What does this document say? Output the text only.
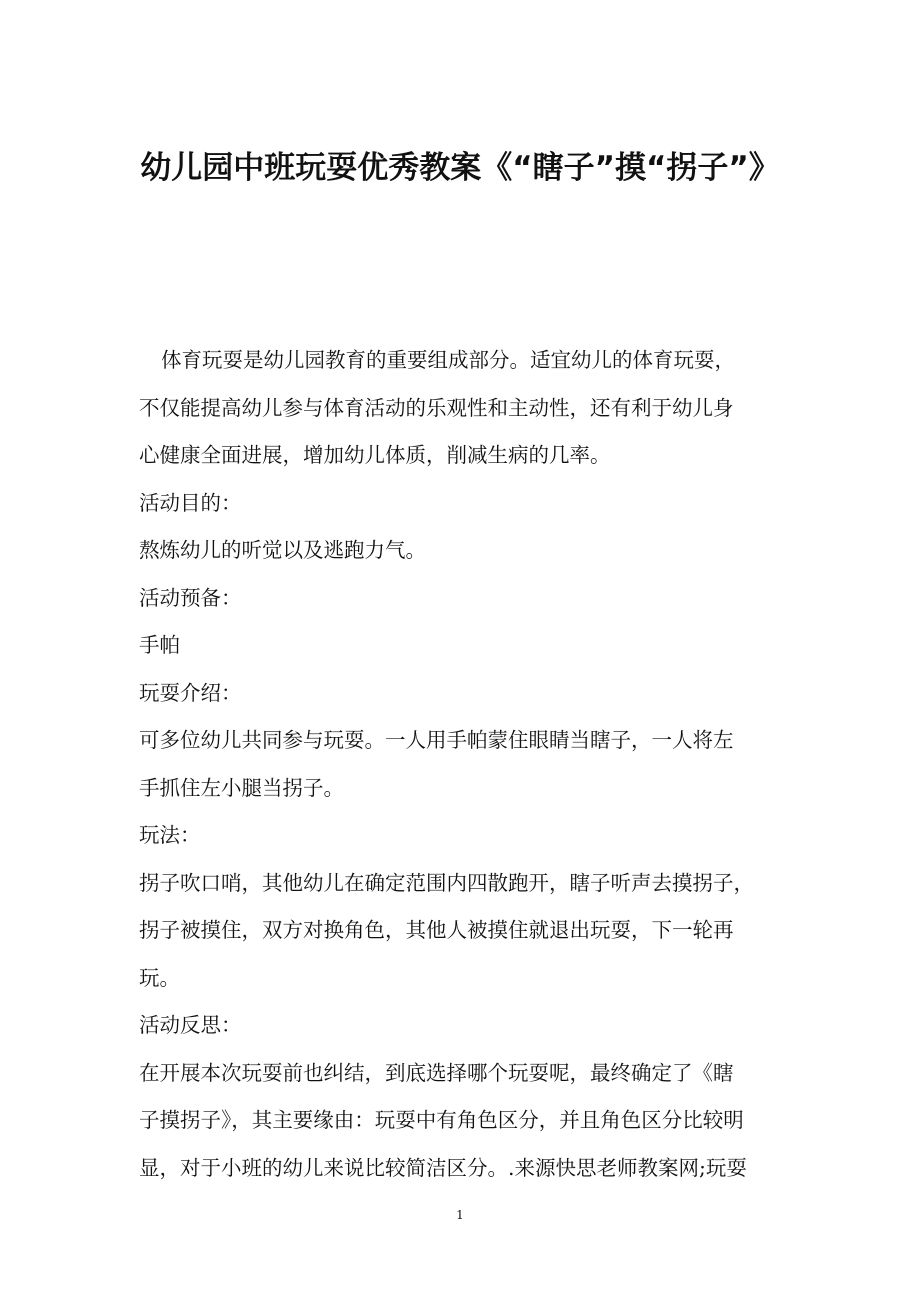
幼儿园中班玩耍优秀教案《“瞎子”摸“拐子”》

体育玩耍是幼儿园教育的重要组成部分。适宜幼儿的体育玩耍，

不仅能提高幼儿参与体育活动的乐观性和主动性，还有利于幼儿身

心健康全面进展，增加幼儿体质，削减生病的几率。

活动目的：

熬炼幼儿的听觉以及逃跑力气。

活动预备：

手帕

玩耍介绍：

可多位幼儿共同参与玩耍。一人用手帕蒙住眼睛当瞎子，一人将左

手抓住左小腿当拐子。

玩法：

拐子吹口哨，其他幼儿在确定范围内四散跑开，瞎子听声去摸拐子，

拐子被摸住，双方对换角色，其他人被摸住就退出玩耍，下一轮再

玩。

活动反思：

在开展本次玩耍前也纠结，到底选择哪个玩耍呢，最终确定了《瞎

子摸拐子》，其主要缘由：玩耍中有角色区分，并且角色区分比较明

显，对于小班的幼儿来说比较简洁区分。.来源快思老师教案网;玩耍

1
